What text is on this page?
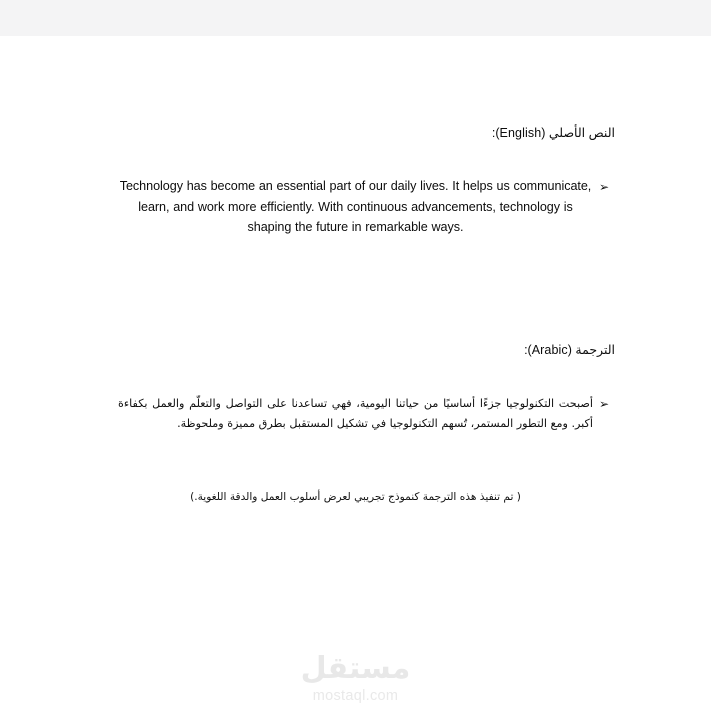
النص الأصلي (English):
➢
Technology has become an essential part of our daily lives. It helps us communicate, learn, and work more efficiently. With continuous advancements, technology is shaping the future in remarkable ways.
الترجمة (Arabic):
➢
أصبحت التكنولوجيا جزءًا أساسيًا من حياتنا اليومية، فهي تساعدنا على التواصل والتعلّم والعمل بكفاءة أكبر. ومع التطور المستمر، تُسهم التكنولوجيا في تشكيل المستقبل بطرق مميزة وملحوظة.
( تم تنفيذ هذه الترجمة كنموذج تجريبي لعرض أسلوب العمل والدقة اللغوية.)
مستقل
mostaql.com
